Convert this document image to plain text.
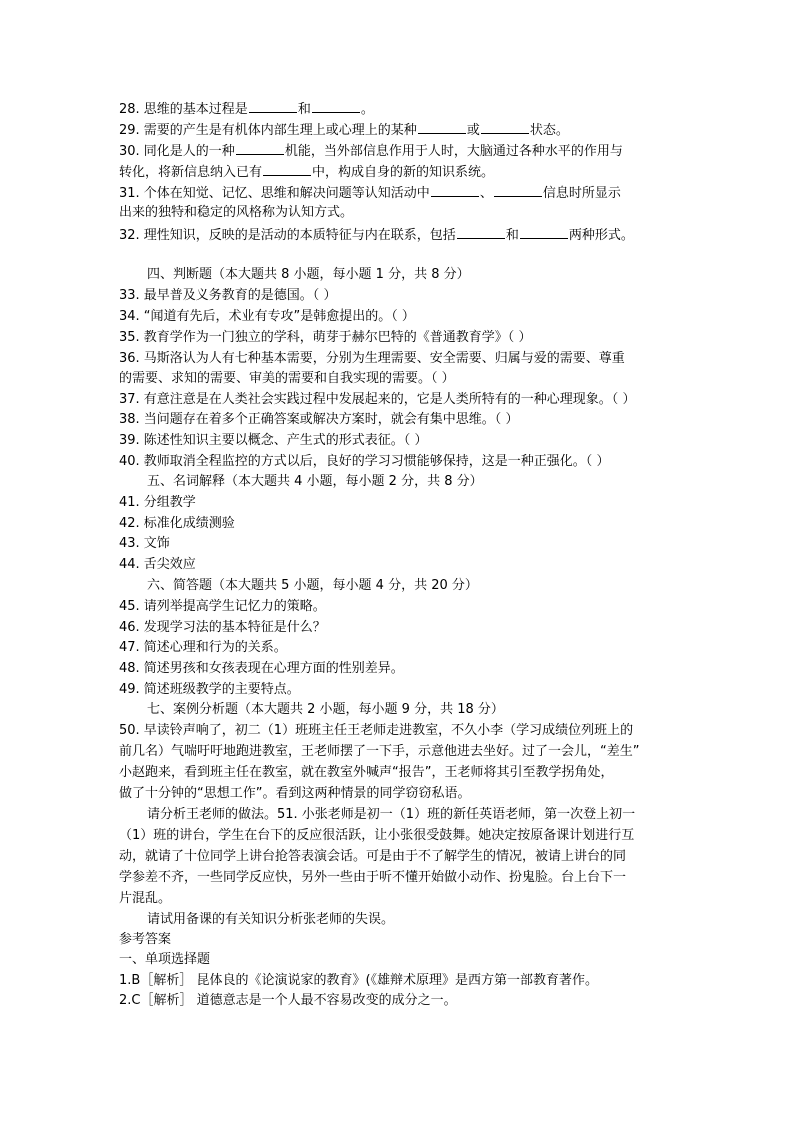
28. 思维的基本过程是	和	。
29. 需要的产生是有机体内部生理上或心理上的某种	或	状态。
30. 同化是人的一种	机能，当外部信息作用于人时，大脑通过各种水平的作用与
转化，将新信息纳入已有	中，构成自身的新的知识系统。
31. 个体在知觉、记忆、思维和解决问题等认知活动中	、	信息时所显示
出来的独特和稳定的风格称为认知方式。
32. 理性知识，反映的是活动的本质特征与内在联系，包括	和	两种形式。
四、判断题（本大题共 8 小题，每小题 1 分，共 8 分）
33. 最早普及义务教育的是德国。（ ）
34. “闻道有先后，术业有专攻”是韩愈提出的。（ ）
35. 教育学作为一门独立的学科，萌芽于赫尔巴特的《普通教育学》（ ）
36. 马斯洛认为人有七种基本需要，分别为生理需要、安全需要、归属与爱的需要、尊重
的需要、求知的需要、审美的需要和自我实现的需要。（ ）
37. 有意注意是在人类社会实践过程中发展起来的，它是人类所特有的一种心理现象。（ ）
38. 当问题存在着多个正确答案或解决方案时，就会有集中思维。（ ）
39. 陈述性知识主要以概念、产生式的形式表征。（ ）
40. 教师取消全程监控的方式以后，良好的学习习惯能够保持，这是一种正强化。（ ）
五、名词解释（本大题共 4 小题，每小题 2 分，共 8 分）
41. 分组教学
42. 标准化成绩测验
43. 文饰
44. 舌尖效应
六、简答题（本大题共 5 小题，每小题 4 分，共 20 分）
45. 请列举提高学生记忆力的策略。
46. 发现学习法的基本特征是什么？
47. 简述心理和行为的关系。
48. 简述男孩和女孩表现在心理方面的性别差异。
49. 简述班级教学的主要特点。
七、案例分析题（本大题共 2 小题，每小题 9 分，共 18 分）
50. 早读铃声响了，初二（1）班班主任王老师走进教室，不久小李（学习成绩位列班上的
前几名）气喘吁吁地跑进教室，王老师摆了一下手，示意他进去坐好。过了一会儿，“差生”
小赵跑来，看到班主任在教室，就在教室外喊声“报告”，王老师将其引至教学拐角处，
做了十分钟的“思想工作”。看到这两种情景的同学窃窃私语。
请分析王老师的做法。51. 小张老师是初一（1）班的新任英语老师，第一次登上初一
（1）班的讲台，学生在台下的反应很活跃，让小张很受鼓舞。她决定按原备课计划进行互
动，就请了十位同学上讲台抢答表演会话。可是由于不了解学生的情况，被请上讲台的同
学参差不齐，一些同学反应快，另外一些由于听不懂开始做小动作、扮鬼脸。台上台下一
片混乱。
请试用备课的有关知识分析张老师的失误。
参考答案
一、单项选择题
1.B［解析］ 昆体良的《论演说家的教育》(《雄辩术原理》是西方第一部教育著作。
2.C［解析］ 道德意志是一个人最不容易改变的成分之一。
